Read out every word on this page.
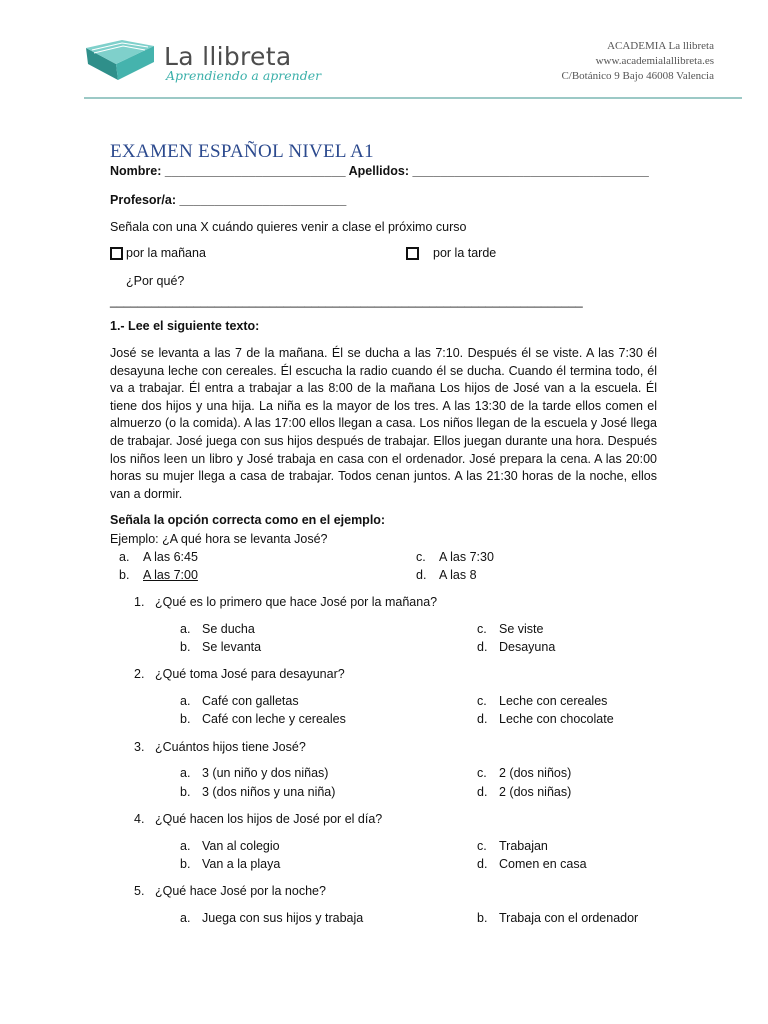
La llibreta
Aprendiendo a aprender
ACADEMIA La llibreta
www.academialallibreta.es
C/Botánico 9 Bajo 46008 Valencia
EXAMEN ESPAÑOL NIVEL A1
Nombre: __________________________ Apellidos: __________________________________
Profesor/a: ________________________
Señala con una X cuándo quieres venir a clase el próximo curso
por la mañana	por la tarde
¿Por qué?
____________________________________________________________________
1.- Lee el siguiente texto:
José se levanta a las 7 de la mañana. Él se ducha a las 7:10. Después él se viste. A las 7:30 él desayuna leche con cereales. Él escucha la radio cuando él se ducha. Cuando él termina todo, él va a trabajar. Él entra a trabajar a las 8:00 de la mañana Los hijos de José van a la escuela. Él tiene dos hijos y una hija. La niña es la mayor de los tres. A las 13:30 de la tarde ellos comen el almuerzo (o la comida). A las 17:00 ellos llegan a casa. Los niños llegan de la escuela y José llega de trabajar. José juega con sus hijos después de trabajar. Ellos juegan durante una hora. Después los niños leen un libro y José trabaja en casa con el ordenador. José prepara la cena. A las 20:00 horas su mujer llega a casa de trabajar. Todos cenan juntos. A las 21:30 horas de la noche, ellos van a dormir.
Señala la opción correcta como en el ejemplo:
Ejemplo: ¿A qué hora se levanta José?
a. A las 6:45
b. A las 7:00
c. A las 7:30
d. A las 8
1. ¿Qué es lo primero que hace José por la mañana?
a. Se ducha
b. Se levanta
c. Se viste
d. Desayuna
2. ¿Qué toma José para desayunar?
a. Café con galletas
b. Café con leche y cereales
c. Leche con cereales
d. Leche con chocolate
3. ¿Cuántos hijos tiene José?
a. 3 (un niño y dos niñas)
b. 3 (dos niños y una niña)
c. 2 (dos niños)
d. 2 (dos niñas)
4. ¿Qué hacen los hijos de José por el día?
a. Van al colegio
b. Van a la playa
c. Trabajan
d. Comen en casa
5. ¿Qué hace José por la noche?
a. Juega con sus hijos y trabaja	b. Trabaja con el ordenador
